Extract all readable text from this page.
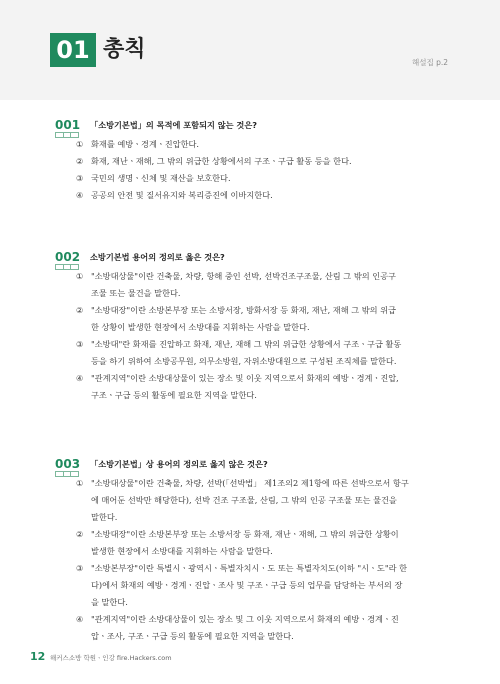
01 총칙
해설집 p.2
001 「소방기본법」의 목적에 포함되지 않는 것은?
① 화재를 예방ㆍ경계ㆍ진압한다.
② 화재, 재난ㆍ재해, 그 밖의 위급한 상황에서의 구조ㆍ구급 활동 등을 한다.
③ 국민의 생명ㆍ신체 및 재산을 보호한다.
④ 공공의 안전 및 질서유지와 복리증진에 이바지한다.
002 소방기본법 용어의 정의로 옳은 것은?
① "소방대상물"이란 건축물, 차량, 항해 중인 선박, 선박건조구조물, 산림 그 밖의 인공구
조물 또는 물건을 말한다.
② "소방대장"이란 소방본부장 또는 소방서장, 방화서장 등 화재, 재난, 재해 그 밖의 위급
한 상황이 발생한 현장에서 소방대를 지휘하는 사람을 말한다.
③ "소방대"란 화재를 진압하고 화재, 재난, 재해 그 밖의 위급한 상황에서 구조ㆍ구급 활동
등을 하기 위하여 소방공무원, 의무소방원, 자위소방대원으로 구성된 조직체를 말한다.
④ "관계지역"이란 소방대상물이 있는 장소 및 이웃 지역으로서 화재의 예방ㆍ경계ㆍ진압,
구조ㆍ구급 등의 활동에 필요한 지역을 말한다.
003 「소방기본법」상 용어의 정의로 옳지 않은 것은?
① "소방대상물"이란 건축물, 차량, 선박(「선박법」 제1조의2 제1항에 따른 선박으로서 항구
에 매어둔 선박만 해당한다), 선박 건조 구조물, 산림, 그 밖의 인공 구조물 또는 물건을
말한다.
② "소방대장"이란 소방본부장 또는 소방서장 등 화재, 재난ㆍ재해, 그 밖의 위급한 상황이
발생한 현장에서 소방대를 지휘하는 사람을 말한다.
③ "소방본부장"이란 특별시ㆍ광역시ㆍ특별자치시ㆍ도 또는 특별자치도(이하 "시ㆍ도"라 한
다)에서 화재의 예방ㆍ경계ㆍ진압ㆍ조사 및 구조ㆍ구급 등의 업무를 담당하는 부서의 장
을 말한다.
④ "관계지역"이란 소방대상물이 있는 장소 및 그 이웃 지역으로서 화재의 예방ㆍ경계ㆍ진
압ㆍ조사, 구조ㆍ구급 등의 활동에 필요한 지역을 말한다.
12 해커스소방 학원ㆍ인강 fire.Hackers.com
